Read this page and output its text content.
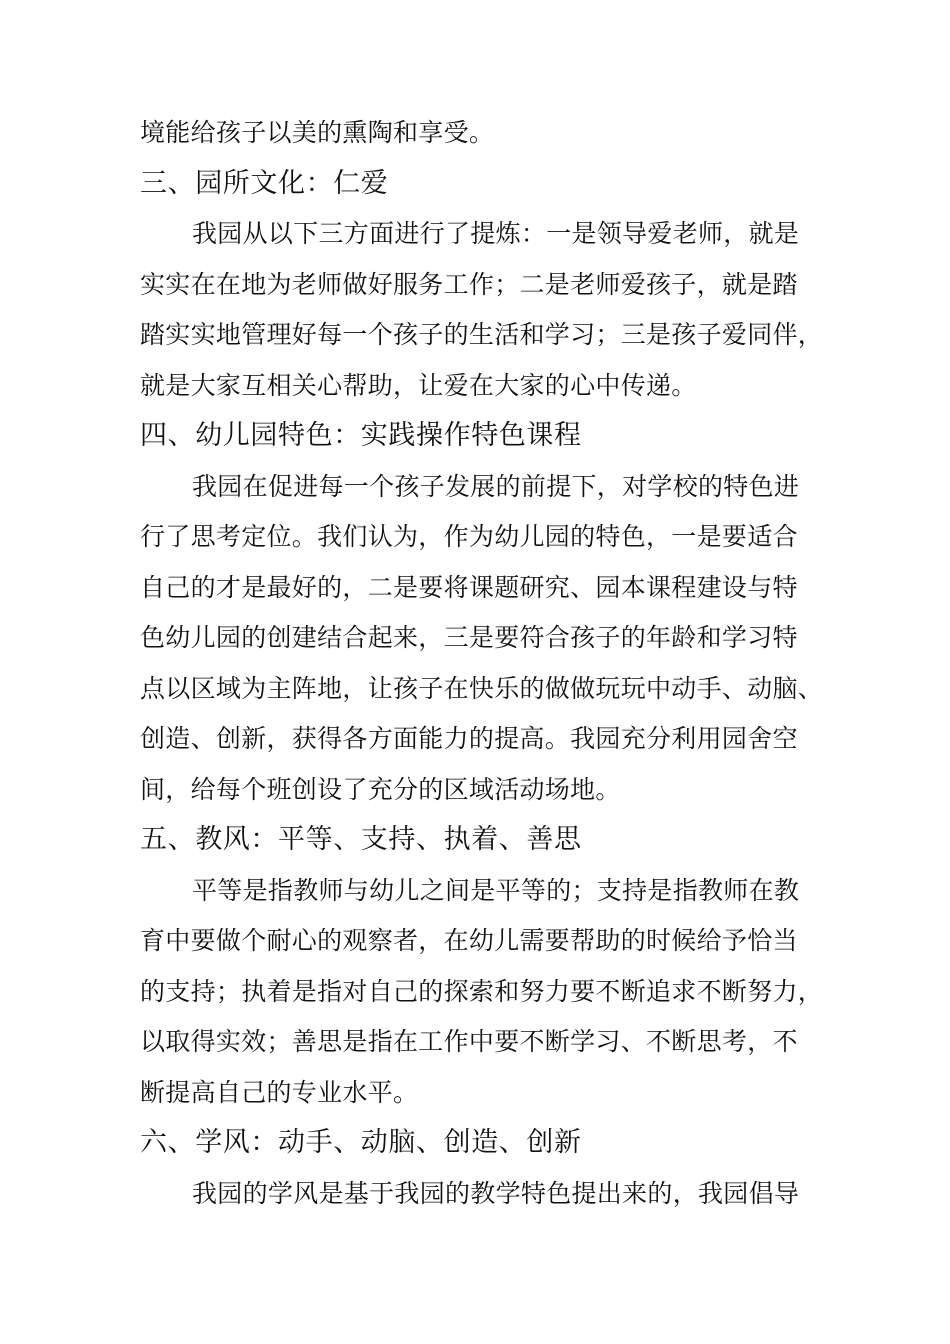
境能给孩子以美的熏陶和享受。
三、园所文化：仁爱
我园从以下三方面进行了提炼：一是领导爱老师，就是
实实在在地为老师做好服务工作；二是老师爱孩子，就是踏
踏实实地管理好每一个孩子的生活和学习；三是孩子爱同伴，
就是大家互相关心帮助，让爱在大家的心中传递。
四、幼儿园特色：实践操作特色课程
我园在促进每一个孩子发展的前提下，对学校的特色进
行了思考定位。我们认为，作为幼儿园的特色，一是要适合
自己的才是最好的，二是要将课题研究、园本课程建设与特
色幼儿园的创建结合起来，三是要符合孩子的年龄和学习特
点以区域为主阵地，让孩子在快乐的做做玩玩中动手、动脑、
创造、创新，获得各方面能力的提高。我园充分利用园舍空
间，给每个班创设了充分的区域活动场地。
五、教风：平等、支持、执着、善思
平等是指教师与幼儿之间是平等的；支持是指教师在教
育中要做个耐心的观察者，在幼儿需要帮助的时候给予恰当
的支持；执着是指对自己的探索和努力要不断追求不断努力，
以取得实效；善思是指在工作中要不断学习、不断思考，不
断提高自己的专业水平。
六、学风：动手、动脑、创造、创新
我园的学风是基于我园的教学特色提出来的，我园倡导
